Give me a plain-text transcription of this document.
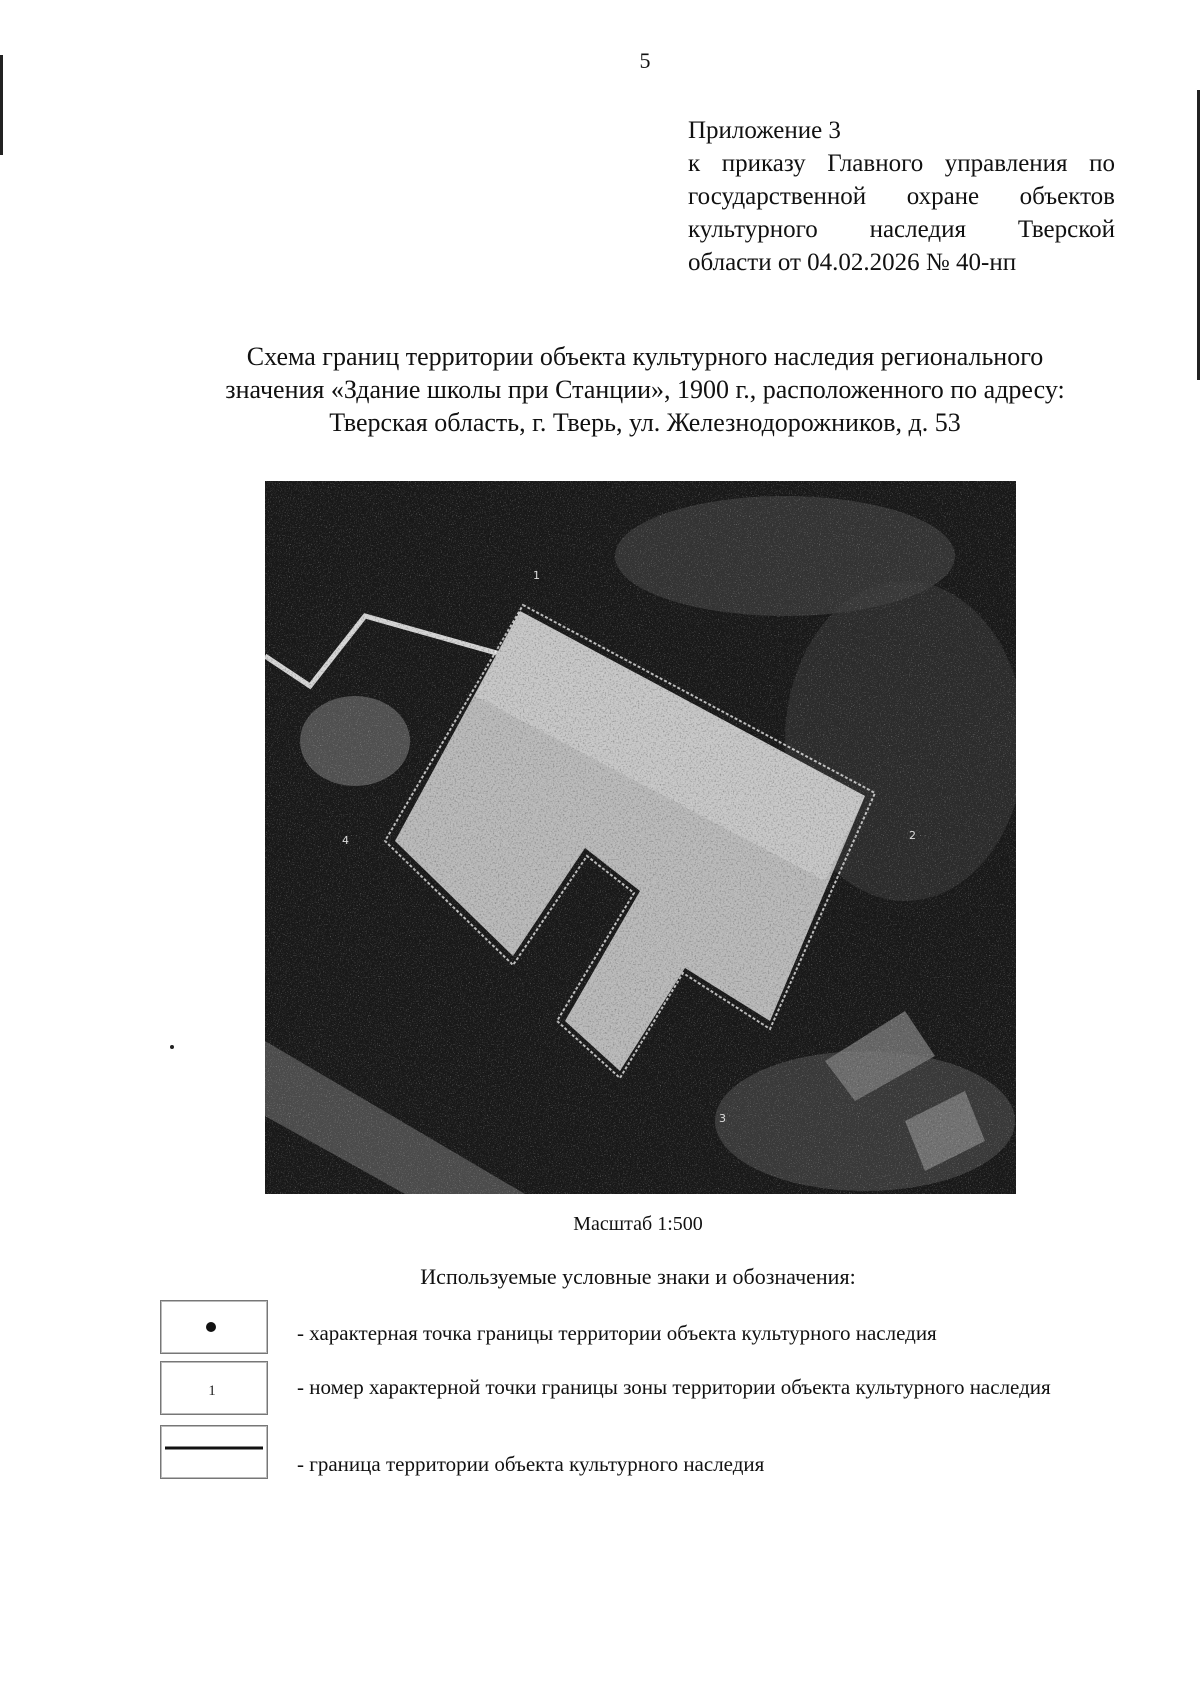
5
Приложение 3
к приказу Главного управления по
государственной охране объектов
культурного наследия Тверской
области от 04.02.2026 № 40-нп
Схема границ территории объекта культурного наследия регионального
значения «Здание школы при Станции», 1900 г., расположенного по адресу:
Тверская область, г. Тверь, ул. Железнодорожников, д. 53
1
2
3
4
Масштаб 1:500
Используемые условные знаки и обозначения:
- характерная точка границы территории объекта культурного наследия
1	- номер характерной точки границы зоны территории объекта культурного наследия
- граница территории объекта культурного наследия
